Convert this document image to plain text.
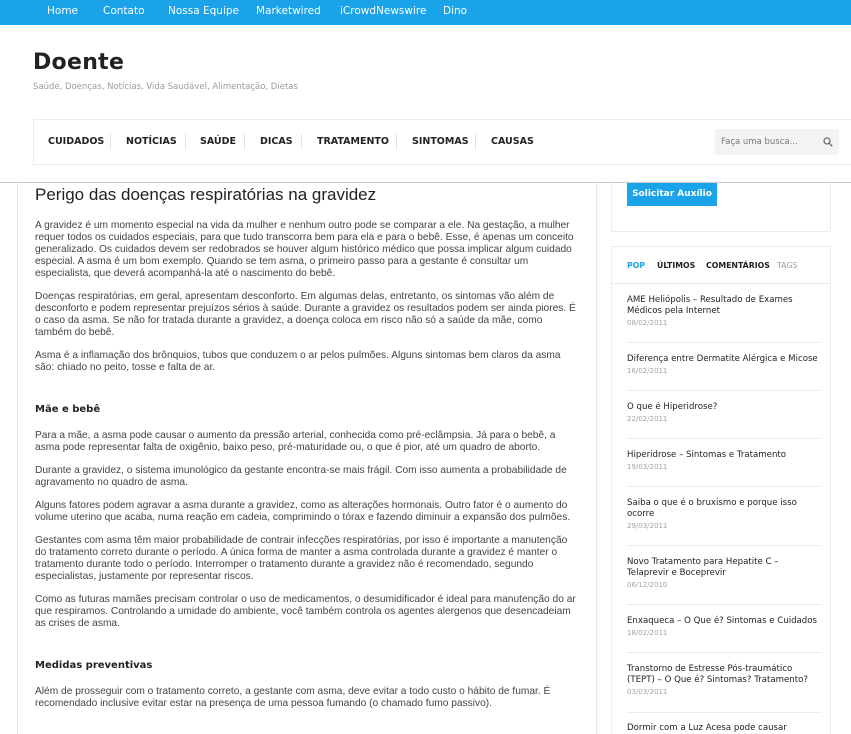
Home Contato Nossa Equipe Marketwired iCrowdNewswire Dino
Doente
Saúde, Doenças, Notícias, Vida Saudável, Alimentação, Dietas
CUIDADOS NOTÍCIAS SAÚDE	DICAS	TRATAMENTO SINTOMAS CAUSAS
Faça uma busca...
Perigo das doenças respiratórias na gravidez

A gravidez é um momento especial na vida da mulher e nenhum outro pode se comparar a ele. Na gestação, a mulher requer todos os cuidados especiais, para que tudo transcorra bem para ela e para o bebê. Esse, é apenas um conceito generalizado. Os cuidados devem ser redobrados se houver algum histórico médico que possa implicar algum cuidado especial. A asma é um bom exemplo. Quando se tem asma, o primeiro passo para a gestante é consultar um especialista, que deverá acompanhá-la até o nascimento do bebê.

Doenças respiratórias, em geral, apresentam desconforto. Em algumas delas, entretanto, os sintomas vão além de desconforto e podem representar prejuízos sérios à saúde. Durante a gravidez os resultados podem ser ainda piores. É o caso da asma. Se não for tratada durante a gravidez, a doença coloca em risco não só a saúde da mãe, como também do bebê.

Asma é a inflamação dos brônquios, tubos que conduzem o ar pelos pulmões. Alguns sintomas bem claros da asma são: chiado no peito, tosse e falta de ar.

Mãe e bebê

Para a mãe, a asma pode causar o aumento da pressão arterial, conhecida como pré-eclâmpsia. Já para o bebê, a asma pode representar falta de oxigênio, baixo peso, pré-maturidade ou, o que é pior, até um quadro de aborto.

Durante a gravidez, o sistema imunológico da gestante encontra-se mais frágil. Com isso aumenta a probabilidade de agravamento no quadro de asma.

Alguns fatores podem agravar a asma durante a gravidez, como as alterações hormonais. Outro fator é o aumento do volume uterino que acaba, numa reação em cadeia, comprimindo o tórax e fazendo diminuir a expansão dos pulmões.

Gestantes com asma têm maior probabilidade de contrair infecções respiratórias, por isso é importante a manutenção do tratamento correto durante o período. A única forma de manter a asma controlada durante a gravidez é manter o tratamento durante todo o período. Interromper o tratamento durante a gravidez não é recomendado, segundo especialistas, justamente por representar riscos.

Como as futuras mamães precisam controlar o uso de medicamentos, o desumidificador é ideal para manutenção do ar que respiramos. Controlando a umidade do ambiente, você também controla os agentes alergenos que desencadeiam as crises de asma.

Medidas preventivas

Além de prosseguir com o tratamento correto, a gestante com asma, deve evitar a todo custo o hábito de fumar. É recomendado inclusive evitar estar na presença de uma pessoa fumando (o chamado fumo passivo).

Solicitar Auxílio
POP ÚLTIMOS COMENTÁRIOS TAGS
AME Heliópolis – Resultado de Exames Médicos pela Internet
08/02/2011
Diferença entre Dermatite Alérgica e Micose
16/02/2011
O que é Hiperidrose?
22/02/2011
Hiperidrose – Sintomas e Tratamento
19/03/2011
Saiba o que é o bruxismo e porque isso ocorre
29/03/2011
Novo Tratamento para Hepatite C – Telaprevir e Boceprevir
06/12/2010
Enxaqueca – O Que é? Sintomas e Cuidados
18/02/2011
Transtorno de Estresse Pós-traumático (TEPT) – O Que é? Sintomas? Tratamento?
03/03/2011
Dormir com a Luz Acesa pode causar
